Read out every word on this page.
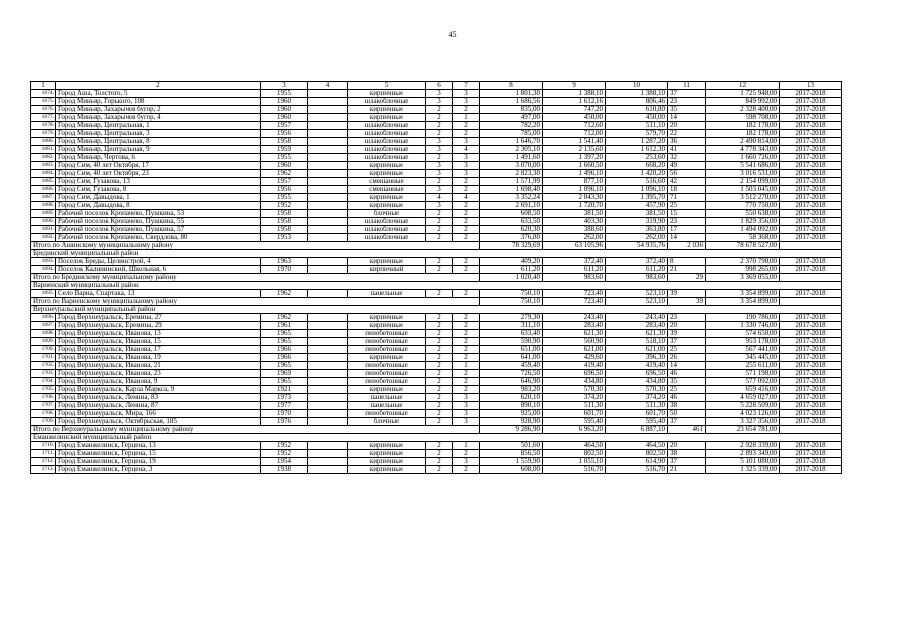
45
1	2	3	4	5	6	7	8	9	10	11	12	13
1674.	Город Аша, Толстого, 5	1955		кирпичные	3	3	1 801,30	1 388,10	1 388,10	37	1 725 948,00	2017-2018
1675.	Город Миньяр, Горького, 108	1960		шлакоблочные	3	3	1 686,56	1 612,16	806,46	23	849 992,00	2017-2018
1676.	Город Миньяр, Захарычев бугор, 2	1960		кирпичные	2	2	835,00	747,20	610,80	35	2 328 400,00	2017-2018
1677.	Город Миньяр, Захарычев бугор, 4	1960		кирпичные	2	1	497,00	450,00	450,00	14	598 708,00	2017-2018
1678.	Город Миньяр, Центральная, 1	1957		шлакоблочные	2	2	782,20	712,60	511,10	20	182 178,00	2017-2018
1679.	Город Миньяр, Центральная, 3	1956		шлакоблочные	2	2	785,00	712,00	579,70	22	182 178,00	2017-2018
1680.	Город Миньяр, Центральная, 8	1958		шлакоблочные	3	3	1 646,70	1 541,40	1 287,20	36	2 490 814,00	2017-2018
1681.	Город Миньяр, Центральная, 9	1959		шлакоблочные	3	4	2 305,10	2 135,60	1 612,30	41	4 778 343,00	2017-2018
1682.	Город Миньяр, Чертова, 6	1955		шлакоблочные	2	3	1 491,60	1 397,20	253,60	32	1 660 726,00	2017-2018
1683.	Город Сим, 40 лет Октября, 17	1960		кирпичные	3	3	3 070,00	1 660,50	668,20	49	5 541 686,00	2017-2018
1684.	Город Сим, 40 лет Октября, 23	1962		кирпичные	3	3	2 823,30	1 496,10	1 420,20	56	3 016 531,00	2017-2018
1685.	Город Сим, Гузакова, 13	1957		смешанные	2	2	1 571,99	877,10	516,60	42	2 154 099,00	2017-2018
1686.	Город Сим, Гузакова, 8	1956		смешанные	3	2	1 698,40	1 096,10	1 096,10	18	1 503 045,00	2017-2018
1687.	Город Сим, Давыдова, 1	1955		кирпичные	4	4	3 352,24	2 043,30	1 395,70	71	3 512 270,00	2017-2018
1688.	Город Сим, Давыдова, 8	1952		кирпичные	3	2	2 691,10	1 720,70	457,90	25	770 750,00	2017-2018
1689.	Рабочий поселок Кропачево, Пушкина, 53	1958		блочные	2	2	608,50	381,50	381,50	15	550 638,00	2017-2018
1690.	Рабочий поселок Кропачево, Пушкина, 55	1958		шлакоблочные	2	2	633,50	403,30	319,90	23	1 829 356,00	2017-2018
1691.	Рабочий поселок Кропачево, Пушкина, 57	1958		шлакоблочные	2	2	620,30	388,60	363,80	17	1 494 092,00	2017-2018
1692.	Рабочий поселок Кропачево, Свердлова, 80	1953		шлакоблочные	2	2	376,80	262,00	262,00	14	58 368,00	2017-2018
Итого по Ашинскому муниципальному району							78 329,69	63 105,96	54 935,76	2 036	78 678 527,00	
Брединский муниципальный район												
1693.	Поселок Бреды, Целинстрой, 4	1963		кирпичные	2	2	409,20	372,40	372,40	8	2 370 790,00	2017-2018
1694.	Поселок Калининский, Школьная, 6	1970		кирпичный	2	2	611,20	611,20	611,20	21	998 265,00	2017-2018
Итого по Брединскому муниципальному району							1 020,40	983,60	983,60	29	3 369 055,00	
Варненский муниципальный район												
1695.	Село Варна, Спартака, 13	1962		панельные	2	2	750,10	723,40	523,10	39	3 354 899,00	2017-2018
Итого по Варненскому муниципальному району							750,10	723,40	523,10	39	3 354 899,00	
Верхнеуральский муниципальный район												
1696.	Город Верхнеуральск, Еремина, 27	1962		кирпичные	2	2	279,30	243,40	243,40	23	190 786,00	2017-2018
1697.	Город Верхнеуральск, Еремина, 29	1961		кирпичные	2	2	311,10	283,40	283,40	20	1 330 746,00	2017-2018
1698.	Город Верхнеуральск, Иванова, 13	1965		пенобетонные	2	2	633,40	621,30	621,30	39	574 650,00	2017-2018
1699.	Город Верхнеуральск, Иванова, 15	1965		пенобетонные	2	2	590,90	560,90	518,10	37	953 178,00	2017-2018
1700.	Город Верхнеуральск, Иванова, 17	1966		пенобетонные	2	2	651,00	621,00	621,00	25	567 441,00	2017-2018
1701.	Город Верхнеуральск, Иванова, 19	1966		кирпичные	2	2	641,00	429,60	396,30	26	345 445,00	2017-2018
1702.	Город Верхнеуральск, Иванова, 21	1965		пенобетонные	2	1	459,40	419,40	419,40	14	255 611,00	2017-2018
1703.	Город Верхнеуральск, Иванова, 23	1969		пенобетонные	2	2	726,50	696,50	696,50	46	571 198,00	2017-2018
1704.	Город Верхнеуральск, Иванова, 9	1965		пенобетонные	2	2	646,90	434,80	434,80	35	577 092,00	2017-2018
1705.	Город Верхнеуральск, Карла Маркса, 9	1921		кирпичные	2	2	983,20	570,30	570,30	25	659 416,00	2017-2018
1706.	Город Верхнеуральск, Ленина, 83	1973		панельные	2	3	620,10	374,20	374,20	46	4 659 027,00	2017-2018
1707.	Город Верхнеуральск, Ленина, 87	1977		панельные	2	3	890,10	511,30	511,30	38	5 228 509,00	2017-2018
1708.	Город Верхнеуральск, Мира, 166	1970		пенобетонные	2	3	925,00	601,70	601,70	50	4 023 126,00	2017-2018
1709.	Город Верхнеуральск, Октябрьская, 185	1976		блочные	2	3	928,90	595,40	595,40	37	3 327 356,00	2017-2018
Итого по Верхнеуральскому муниципальному району							9 286,90	6 963,20	6 887,10	461	23 654 781,00	
Еманжелинский муниципальный район												
1710.	Город Еманжелинск, Герцена, 13	1952		кирпичные	2	1	501,60	464,50	464,50	20	2 928 339,00	2017-2018
1711.	Город Еманжелинск, Герцена, 15	1952		кирпичные	2	2	856,50	802,50	802,50	38	2 893 349,00	2017-2018
1712.	Город Еманжелинск, Герцена, 19	1954		кирпичные	2	3	1 559,90	1 055,10	614,90	37	5 101 080,00	2017-2018
1713.	Город Еманжелинск, Герцена, 3	1938		кирпичные	2	2	608,00	516,70	516,70	21	1 325 339,00	2017-2018
